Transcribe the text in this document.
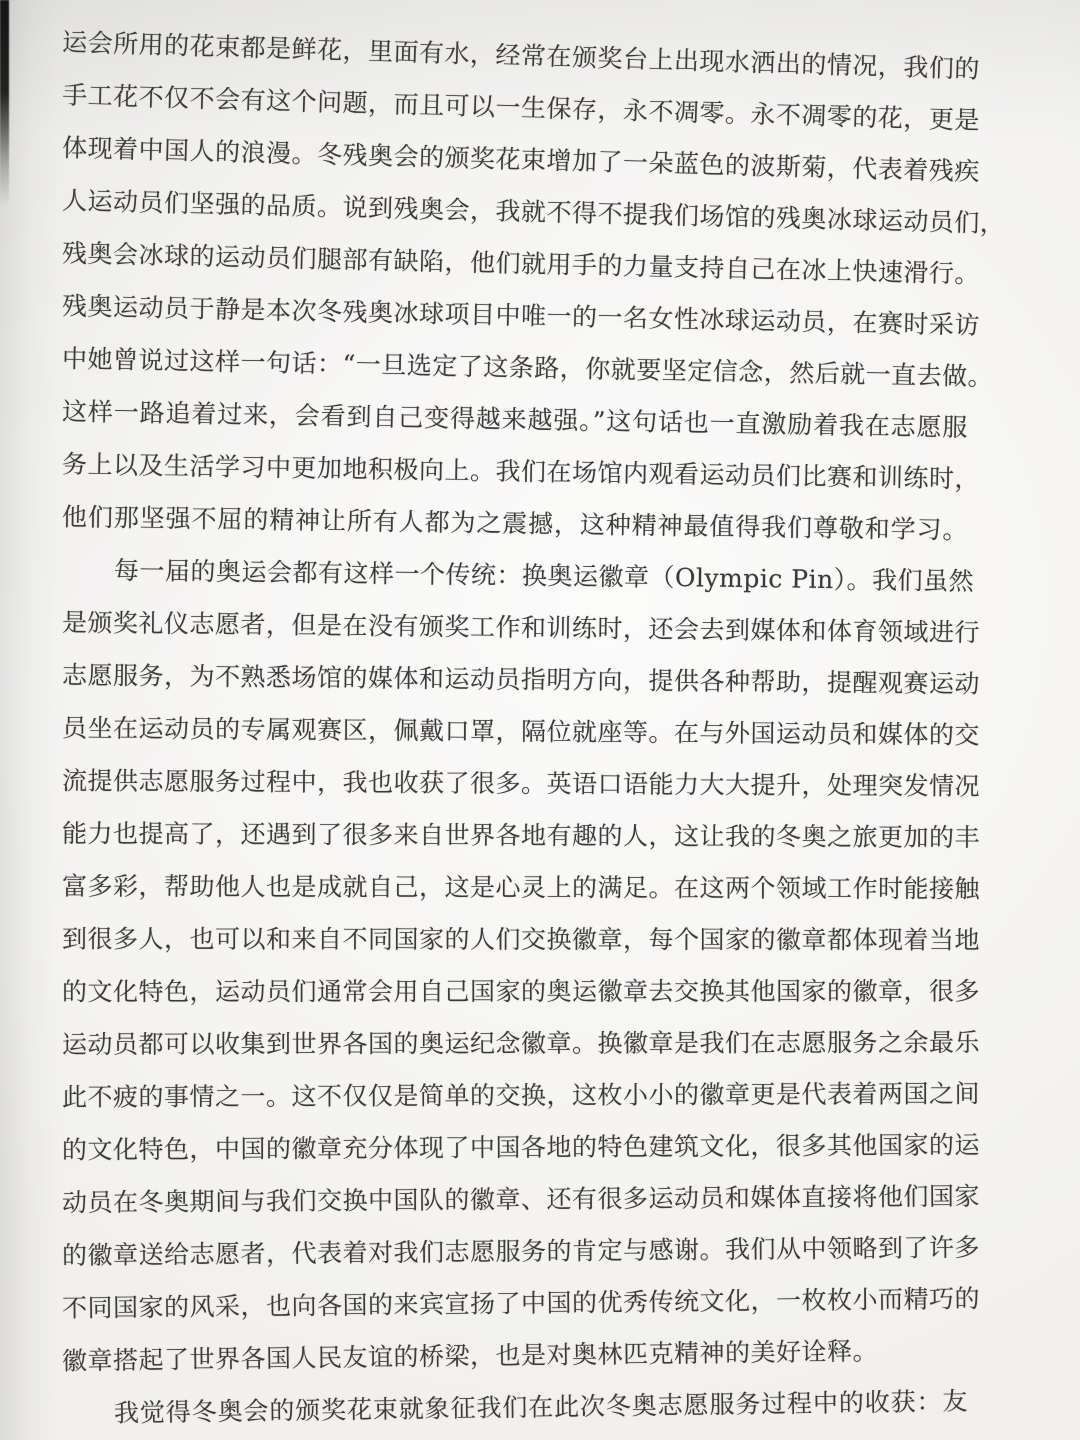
运会所用的花束都是鲜花，里面有水，经常在颁奖台上出现水洒出的情况，我们的
手工花不仅不会有这个问题，而且可以一生保存，永不凋零。永不凋零的花，更是
体现着中国人的浪漫。冬残奥会的颁奖花束增加了一朵蓝色的波斯菊，代表着残疾
人运动员们坚强的品质。说到残奥会，我就不得不提我们场馆的残奥冰球运动员们，
残奥会冰球的运动员们腿部有缺陷，他们就用手的力量支持自己在冰上快速滑行。
残奥运动员于静是本次冬残奥冰球项目中唯一的一名女性冰球运动员，在赛时采访
中她曾说过这样一句话：“一旦选定了这条路，你就要坚定信念，然后就一直去做。
这样一路追着过来，会看到自己变得越来越强。”这句话也一直激励着我在志愿服
务上以及生活学习中更加地积极向上。我们在场馆内观看运动员们比赛和训练时，
他们那坚强不屈的精神让所有人都为之震撼，这种精神最值得我们尊敬和学习。
每一届的奥运会都有这样一个传统：换奥运徽章（Olympic Pin）。我们虽然
是颁奖礼仪志愿者，但是在没有颁奖工作和训练时，还会去到媒体和体育领域进行
志愿服务，为不熟悉场馆的媒体和运动员指明方向，提供各种帮助，提醒观赛运动
员坐在运动员的专属观赛区，佩戴口罩，隔位就座等。在与外国运动员和媒体的交
流提供志愿服务过程中，我也收获了很多。英语口语能力大大提升，处理突发情况
能力也提高了，还遇到了很多来自世界各地有趣的人，这让我的冬奥之旅更加的丰
富多彩，帮助他人也是成就自己，这是心灵上的满足。在这两个领域工作时能接触
到很多人，也可以和来自不同国家的人们交换徽章，每个国家的徽章都体现着当地
的文化特色，运动员们通常会用自己国家的奥运徽章去交换其他国家的徽章，很多
运动员都可以收集到世界各国的奥运纪念徽章。换徽章是我们在志愿服务之余最乐
此不疲的事情之一。这不仅仅是简单的交换，这枚小小的徽章更是代表着两国之间
的文化特色，中国的徽章充分体现了中国各地的特色建筑文化，很多其他国家的运
动员在冬奥期间与我们交换中国队的徽章、还有很多运动员和媒体直接将他们国家
的徽章送给志愿者，代表着对我们志愿服务的肯定与感谢。我们从中领略到了许多
不同国家的风采，也向各国的来宾宣扬了中国的优秀传统文化，一枚枚小而精巧的
徽章搭起了世界各国人民友谊的桥梁，也是对奥林匹克精神的美好诠释。
我觉得冬奥会的颁奖花束就象征我们在此次冬奥志愿服务过程中的收获：友
